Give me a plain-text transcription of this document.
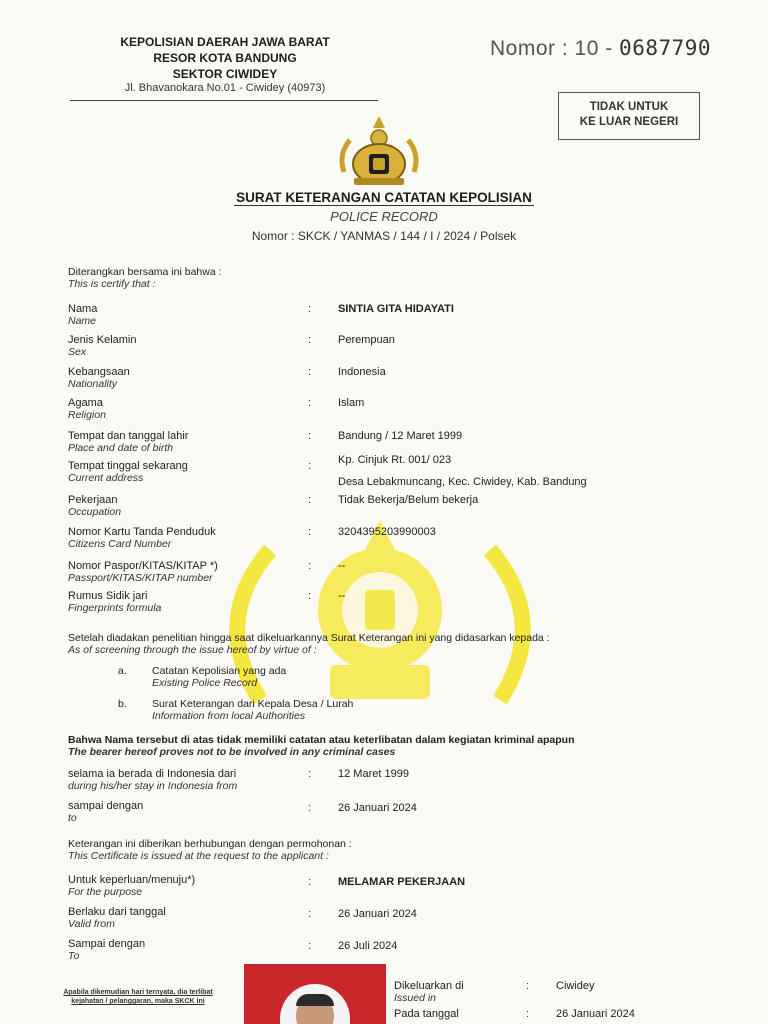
KEPOLISIAN DAERAH JAWA BARAT
RESOR KOTA BANDUNG
SEKTOR CIWIDEY
Jl. Bhavanokara No.01 - Ciwidey (40973)
Nomor : 10 - 0687790
TIDAK UNTUK
KE LUAR NEGERI
SURAT KETERANGAN CATATAN KEPOLISIAN
POLICE RECORD
Nomor : SKCK / YANMAS / 144 / I / 2024 / Polsek
Diterangkan bersama ini bahwa :
This is certify that :
Nama
Name
: SINTIA GITA HIDAYATI
Jenis Kelamin
Sex
: Perempuan
Kebangsaan
Nationality
: Indonesia
Agama
Religion
: Islam
Tempat dan tanggal lahir
Place and date of birth
: Bandung / 12 Maret 1999
Tempat tinggal sekarang
Current address
: Kp. Cinjuk Rt. 001/ 023
Desa Lebakmuncang, Kec. Ciwidey, Kab. Bandung
Pekerjaan
Occupation
: Tidak Bekerja/Belum bekerja
Nomor Kartu Tanda Penduduk
Citizens Card Number
: 3204395203990003
Nomor Paspor/KITAS/KITAP *)
Passport/KITAS/KITAP number
: --
Rumus Sidik jari
Fingerprints formula
: --
Setelah diadakan penelitian hingga saat dikeluarkannya Surat Keterangan ini yang didasarkan kepada :
As of screening through the issue hereof by virtue of :
a. Catatan Kepolisian yang ada
Existing Police Record
b. Surat Keterangan dari Kepala Desa / Lurah
Information from local Authorities
Bahwa Nama tersebut di atas tidak memiliki catatan atau keterlibatan dalam kegiatan kriminal apapun
The bearer hereof proves not to be involved in any criminal cases
selama ia berada di Indonesia dari
during his/her stay in Indonesia from
: 12 Maret 1999
sampai dengan
to
: 26 Januari 2024
Keterangan ini diberikan berhubungan dengan permohonan :
This Certificate is issued at the request to the applicant :
Untuk keperluan/menuju*)
For the purpose
: MELAMAR PEKERJAAN
Berlaku dari tanggal
Valid from
: 26 Januari 2024
Sampai dengan
To
: 26 Juli 2024
Apabila dikemudian hari ternyata, dia terlibat kejahatan / pelanggaran, maka SKCK ini
Dikeluarkan di
Issued in
: Ciwidey
Pada tanggal	: 26 Januari 2024
